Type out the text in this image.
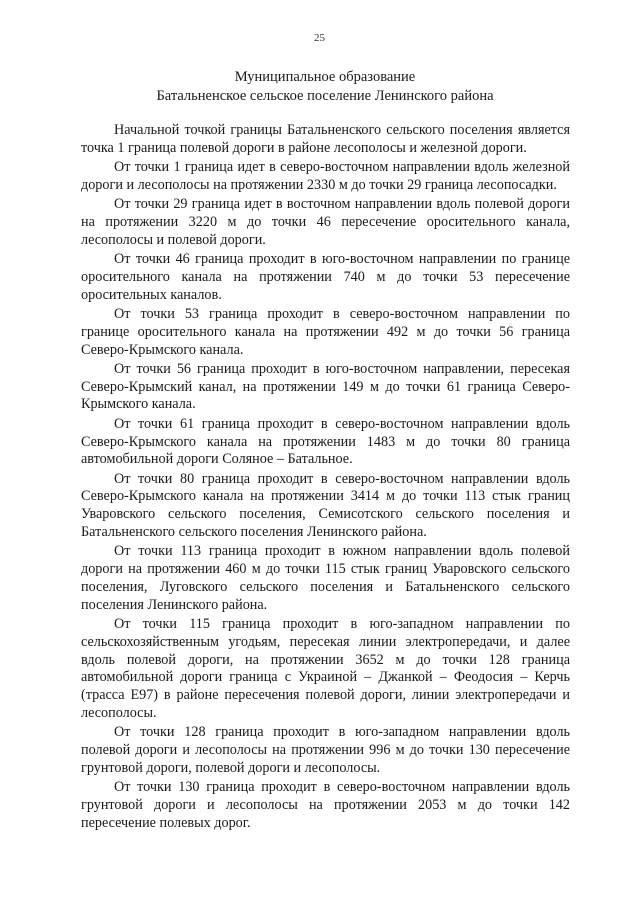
25
Муниципальное образование
Батальненское сельское поселение Ленинского района

Начальной точкой границы Батальненского сельского поселения является точка 1 граница полевой дороги в районе лесополосы и железной дороги.

От точки 1 граница идет в северо-восточном направлении вдоль железной дороги и лесополосы на протяжении 2330 м до точки 29 граница лесопосадки.

От точки 29 граница идет в восточном направлении вдоль полевой дороги на протяжении 3220 м до точки 46 пересечение оросительного канала, лесополосы и полевой дороги.

От точки 46 граница проходит в юго-восточном направлении по границе оросительного канала на протяжении 740 м до точки 53 пересечение оросительных каналов.

От точки 53 граница проходит в северо-восточном направлении по границе оросительного канала на протяжении 492 м до точки 56 граница Северо-Крымского канала.

От точки 56 граница проходит в юго-восточном направлении, пересекая Северо-Крымский канал, на протяжении 149 м до точки 61 граница Северо-Крымского канала.

От точки 61 граница проходит в северо-восточном направлении вдоль Северо-Крымского канала на протяжении 1483 м до точки 80 граница автомобильной дороги Соляное – Батальное.

От точки 80 граница проходит в северо-восточном направлении вдоль Северо-Крымского канала на протяжении 3414 м до точки 113 стык границ Уваровского сельского поселения, Семисотского сельского поселения и Батальненского сельского поселения Ленинского района.

От точки 113 граница проходит в южном направлении вдоль полевой дороги на протяжении 460 м до точки 115 стык границ Уваровского сельского поселения, Луговского сельского поселения и Батальненского сельского поселения Ленинского района.

От точки 115 граница проходит в юго-западном направлении по сельскохозяйственным угодьям, пересекая линии электропередачи, и далее вдоль полевой дороги, на протяжении 3652 м до точки 128 граница автомобильной дороги граница с Украиной – Джанкой – Феодосия – Керчь (трасса Е97) в районе пересечения полевой дороги, линии электропередачи и лесополосы.

От точки 128 граница проходит в юго-западном направлении вдоль полевой дороги и лесополосы на протяжении 996 м до точки 130 пересечение грунтовой дороги, полевой дороги и лесополосы.

От точки 130 граница проходит в северо-восточном направлении вдоль грунтовой дороги и лесополосы на протяжении 2053 м до точки 142 пересечение полевых дорог.
